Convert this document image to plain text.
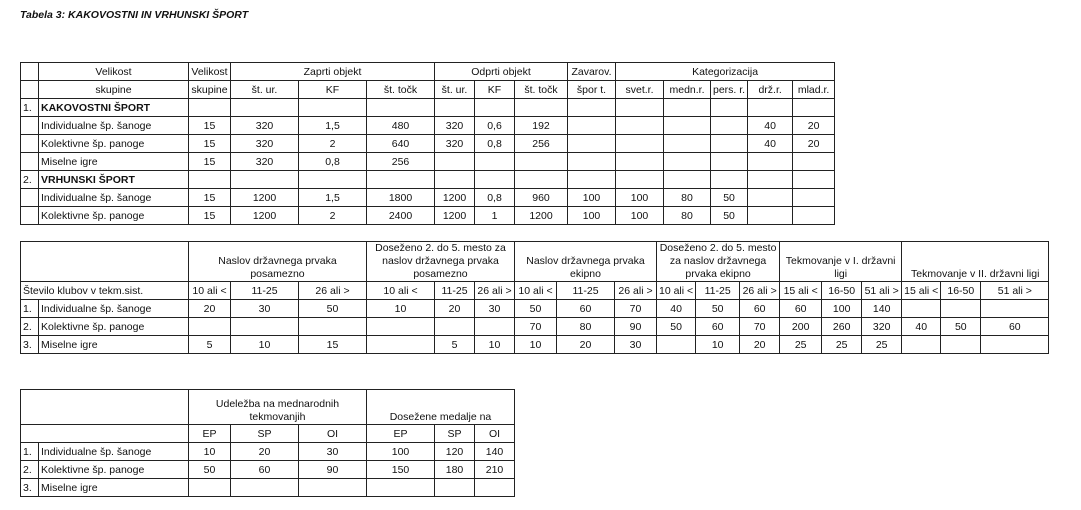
Tabela 3: KAKOVOSTNI IN VRHUNSKI ŠPORT
	Velikost	Velikost	Zaprti objekt			Odprti objekt			Zavarov.	Kategorizacija				
	skupine	skupine	št. ur.	KF	št. točk	št. ur.	KF	št. točk	špor t.	svet.r.	medn.r.	pers. r.	drž.r.	mlad.r.
1.	KAKOVOSTNI ŠPORT													
	Individualne šp. šanoge	15	320	1,5	480	320	0,6	192					40	20
	Kolektivne šp. panoge	15	320	2	640	320	0,8	256					40	20
	Miselne igre	15	320	0,8	256									
2.	VRHUNSKI ŠPORT													
	Individualne šp. šanoge	15	1200	1,5	1800	1200	0,8	960	100	100	80	50		
	Kolektivne šp. panoge	15	1200	2	2400	1200	1	1200	100	100	80	50		
		Naslov državnega prvaka posamezno			Doseženo 2. do 5. mesto za naslov državnega prvaka posamezno			Naslov državnega prvaka ekipno			Doseženo 2. do 5. mesto za naslov državnega prvaka ekipno			Tekmovanje v I. državni ligi			Tekmovanje v II. državni ligi		
Število klubov v tekm.sist.		10 ali <	11-25	26 ali >	10 ali <	11-25	26 ali >	10 ali <	11-25	26 ali >	10 ali <	11-25	26 ali >	15 ali <	16-50	51 ali >	15 ali <	16-50	51 ali >
1.	Individualne šp. šanoge	20	30	50	10	20	30	50	60	70	40	50	60	60	100	140			
2.	Kolektivne šp. panoge							70	80	90	50	60	70	200	260	320	40	50	60
3.	Miselne igre	5	10	15		5	10	10	20	30		10	20	25	25	25			
		Udeležba na mednarodnih tekmovanjih			Dosežene medalje na		
		EP	SP	OI	EP	SP	OI
1.	Individualne šp. šanoge	10	20	30	100	120	140
2.	Kolektivne šp. panoge	50	60	90	150	180	210
3.	Miselne igre						
